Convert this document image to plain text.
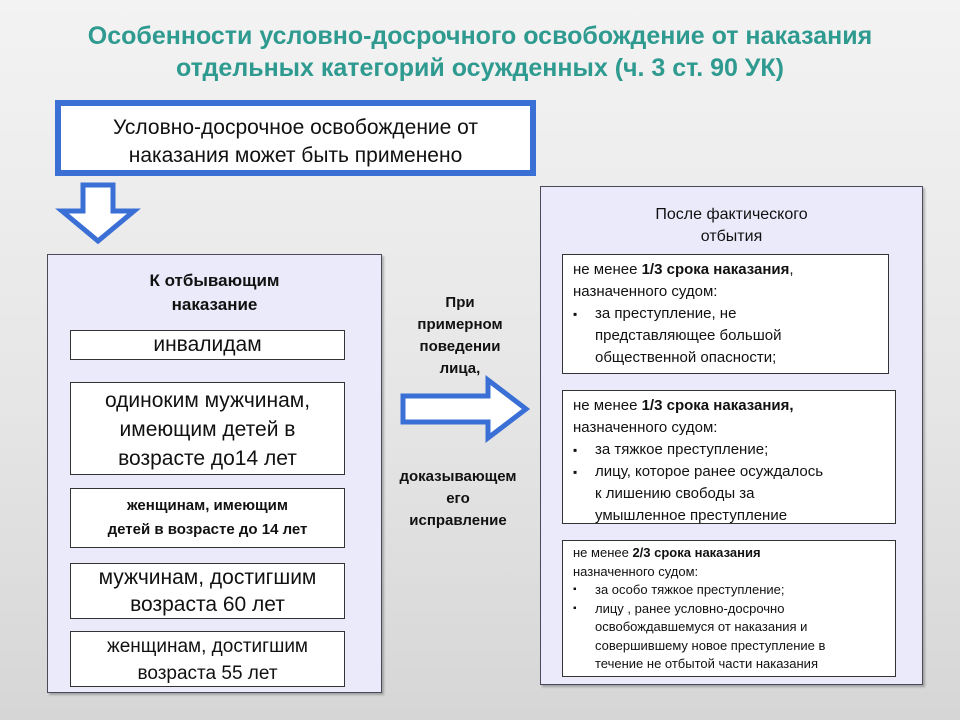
Особенности условно-досрочного освобождение от наказания
отдельных категорий осужденных (ч. 3 ст. 90 УК)
Условно-досрочное освобождение от
наказания может быть применено
К отбывающим
наказание
инвалидам
одиноким мужчинам,
имеющим детей в
возрасте до14 лет
женщинам, имеющим
детей в возрасте до 14 лет
мужчинам, достигшим
возраста 60 лет
женщинам, достигшим
возраста 55 лет
При
примерном
поведении
лица,
доказывающем
его
исправление
После фактического
отбытия
не менее 1/3 срока наказания,
назначенного судом:
▪ за преступление, не
представляющее большой
общественной опасности;
не менее 1/3 срока наказания,
назначенного судом:
▪ за тяжкое преступление;
▪ лицу, которое ранее осуждалось
к лишению свободы за
умышленное преступление
не менее 2/3 срока наказания
назначенного судом:
▪ за особо тяжкое преступление;
▪ лицу , ранее условно-досрочно
освобождавшемуся от наказания и
совершившему новое преступление в
течение не отбытой части наказания
